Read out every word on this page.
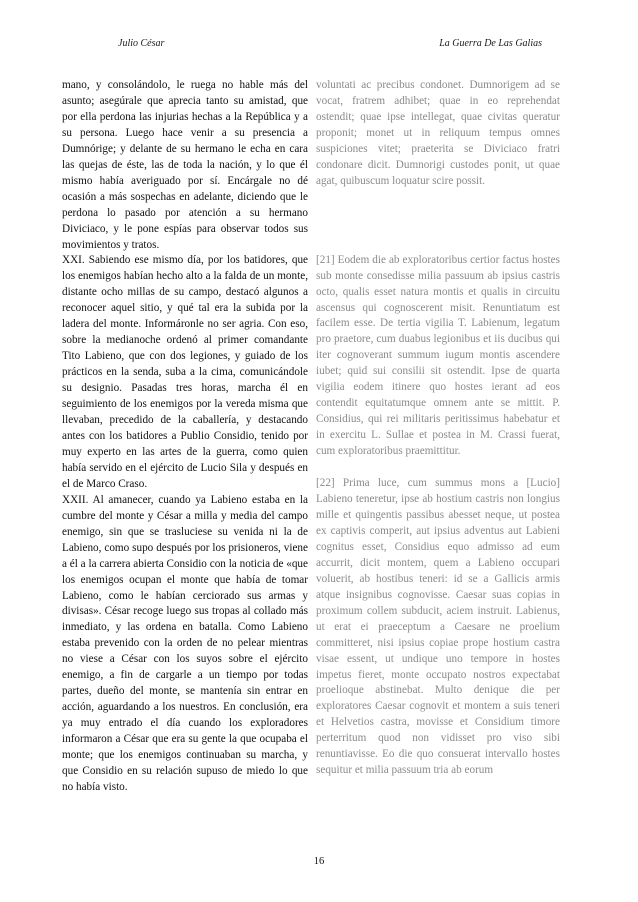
Julio César	La Guerra De Las Galias

mano, y consolándolo, le ruega no hable más del asunto; asegúrale que aprecia tanto su amistad, que por ella perdona las injurias hechas a la República y a su persona. Luego hace venir a su presencia a Dumnórige; y delante de su hermano le echa en cara las quejas de éste, las de toda la nación, y lo que él mismo había averiguado por sí. Encárgale no dé ocasión a más sospechas en adelante, diciendo que le perdona lo pasado por atención a su hermano Diviciaco, y le pone espías para observar todos sus movimientos y tratos.

XXI. Sabiendo ese mismo día, por los batidores, que los enemigos habían hecho alto a la falda de un monte, distante ocho millas de su campo, destacó algunos a reconocer aquel sitio, y qué tal era la subida por la ladera del monte. Informáronle no ser agria. Con eso, sobre la medianoche ordenó al primer comandante Tito Labieno, que con dos legiones, y guiado de los prácticos en la senda, suba a la cima, comunicándole su designio. Pasadas tres horas, marcha él en seguimiento de los enemigos por la vereda misma que llevaban, precedido de la caballería, y destacando antes con los batidores a Publio Considio, tenido por muy experto en las artes de la guerra, como quien había servido en el ejército de Lucio Sila y después en el de Marco Craso.

XXII. Al amanecer, cuando ya Labieno estaba en la cumbre del monte y César a milla y media del campo enemigo, sin que se trasluciese su venida ni la de Labieno, como supo después por los prisioneros, viene a él a la carrera abierta Considio con la noticia de «que los enemigos ocupan el monte que había de tomar Labieno, como le habían cerciorado sus armas y divisas». César recoge luego sus tropas al collado más inmediato, y las ordena en batalla. Como Labieno estaba prevenido con la orden de no pelear mientras no viese a César con los suyos sobre el ejército enemigo, a fin de cargarle a un tiempo por todas partes, dueño del monte, se mantenía sin entrar en acción, aguardando a los nuestros. En conclusión, era ya muy entrado el día cuando los exploradores informaron a César que era su gente la que ocupaba el monte; que los enemigos continuaban su marcha, y que Considio en su relación supuso de miedo lo que no había visto.

voluntati ac precibus condonet. Dumnorigem ad se vocat, fratrem adhibet; quae in eo reprehendat ostendit; quae ipse intellegat, quae civitas queratur proponit; monet ut in reliquum tempus omnes suspiciones vitet; praeterita se Diviciaco fratri condonare dicit. Dumnorigi custodes ponit, ut quae agat, quibuscum loquatur scire possit.

[21] Eodem die ab exploratoribus certior factus hostes sub monte consedisse milia passuum ab ipsius castris octo, qualis esset natura montis et qualis in circuitu ascensus qui cognoscerent misit. Renuntiatum est facilem esse. De tertia vigilia T. Labienum, legatum pro praetore, cum duabus legionibus et iis ducibus qui iter cognoverant summum iugum montis ascendere iubet; quid sui consilii sit ostendit. Ipse de quarta vigilia eodem itinere quo hostes ierant ad eos contendit equitatumque omnem ante se mittit. P. Considius, qui rei militaris peritissimus habebatur et in exercitu L. Sullae et postea in M. Crassi fuerat, cum exploratoribus praemittitur.

[22] Prima luce, cum summus mons a [Lucio] Labieno teneretur, ipse ab hostium castris non longius mille et quingentis passibus abesset neque, ut postea ex captivis comperit, aut ipsius adventus aut Labieni cognitus esset, Considius equo admisso ad eum accurrit, dicit montem, quem a Labieno occupari voluerit, ab hostibus teneri: id se a Gallicis armis atque insignibus cognovisse. Caesar suas copias in proximum collem subducit, aciem instruit. Labienus, ut erat ei praeceptum a Caesare ne proelium committeret, nisi ipsius copiae prope hostium castra visae essent, ut undique uno tempore in hostes impetus fieret, monte occupato nostros expectabat proelioque abstinebat. Multo denique die per exploratores Caesar cognovit et montem a suis teneri et Helvetios castra, movisse et Considium timore perterritum quod non vidisset pro viso sibi renuntiavisse. Eo die quo consuerat intervallo hostes sequitur et milia passuum tria ab eorum

16
